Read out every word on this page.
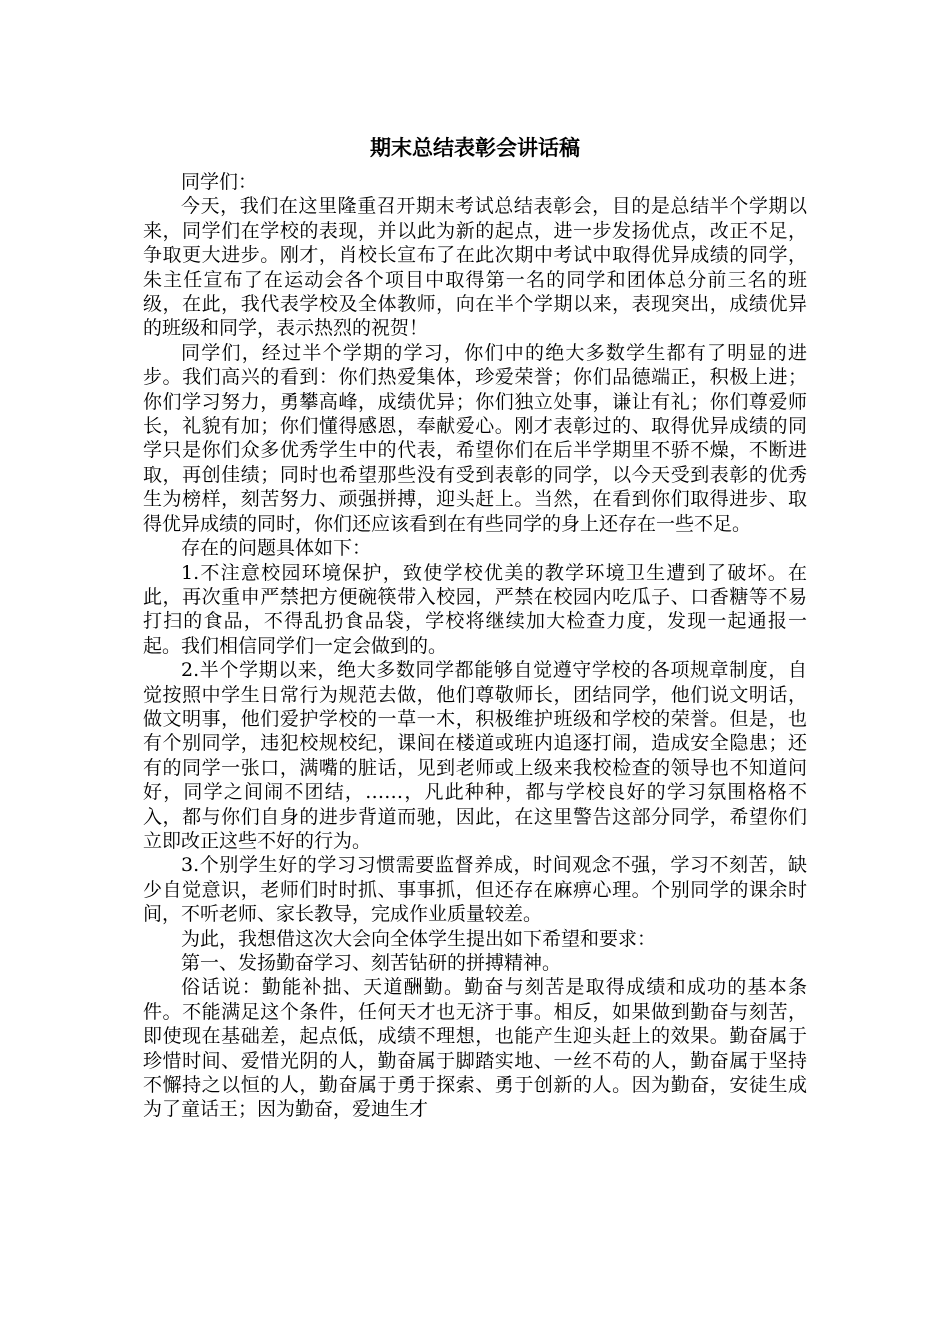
期末总结表彰会讲话稿

同学们：

今天，我们在这里隆重召开期末考试总结表彰会，目的是总结半个学期以来，同学们在学校的表现，并以此为新的起点，进一步发扬优点，改正不足，争取更大进步。刚才，肖校长宣布了在此次期中考试中取得优异成绩的同学，朱主任宣布了在运动会各个项目中取得第一名的同学和团体总分前三名的班级，在此，我代表学校及全体教师，向在半个学期以来，表现突出，成绩优异的班级和同学，表示热烈的祝贺！

同学们，经过半个学期的学习，你们中的绝大多数学生都有了明显的进步。我们高兴的看到：你们热爱集体，珍爱荣誉；你们品德端正，积极上进；你们学习努力，勇攀高峰，成绩优异；你们独立处事，谦让有礼；你们尊爱师长，礼貌有加；你们懂得感恩，奉献爱心。刚才表彰过的、取得优异成绩的同学只是你们众多优秀学生中的代表，希望你们在后半学期里不骄不燥，不断进取，再创佳绩；同时也希望那些没有受到表彰的同学，以今天受到表彰的优秀生为榜样，刻苦努力、顽强拼搏，迎头赶上。当然，在看到你们取得进步、取得优异成绩的同时，你们还应该看到在有些同学的身上还存在一些不足。

存在的问题具体如下：

1.不注意校园环境保护，致使学校优美的教学环境卫生遭到了破坏。在此，再次重申严禁把方便碗筷带入校园，严禁在校园内吃瓜子、口香糖等不易打扫的食品，不得乱扔食品袋，学校将继续加大检查力度，发现一起通报一起。我们相信同学们一定会做到的。

2.半个学期以来，绝大多数同学都能够自觉遵守学校的各项规章制度，自觉按照中学生日常行为规范去做，他们尊敬师长，团结同学，他们说文明话，做文明事，他们爱护学校的一草一木，积极维护班级和学校的荣誉。但是，也有个别同学，违犯校规校纪，课间在楼道或班内追逐打闹，造成安全隐患；还有的同学一张口，满嘴的脏话，见到老师或上级来我校检查的领导也不知道问好，同学之间闹不团结，……，凡此种种，都与学校良好的学习氛围格格不入，都与你们自身的进步背道而驰，因此，在这里警告这部分同学，希望你们立即改正这些不好的行为。

3.个别学生好的学习习惯需要监督养成，时间观念不强，学习不刻苦，缺少自觉意识，老师们时时抓、事事抓，但还存在麻痹心理。个别同学的课余时间，不听老师、家长教导，完成作业质量较差。

为此，我想借这次大会向全体学生提出如下希望和要求：

第一、发扬勤奋学习、刻苦钻研的拼搏精神。

俗话说：勤能补拙、天道酬勤。勤奋与刻苦是取得成绩和成功的基本条件。不能满足这个条件，任何天才也无济于事。相反，如果做到勤奋与刻苦，即使现在基础差，起点低，成绩不理想，也能产生迎头赶上的效果。勤奋属于珍惜时间、爱惜光阴的人，勤奋属于脚踏实地、一丝不苟的人，勤奋属于坚持不懈持之以恒的人，勤奋属于勇于探索、勇于创新的人。因为勤奋，安徒生成为了童话王；因为勤奋，爱迪生才
